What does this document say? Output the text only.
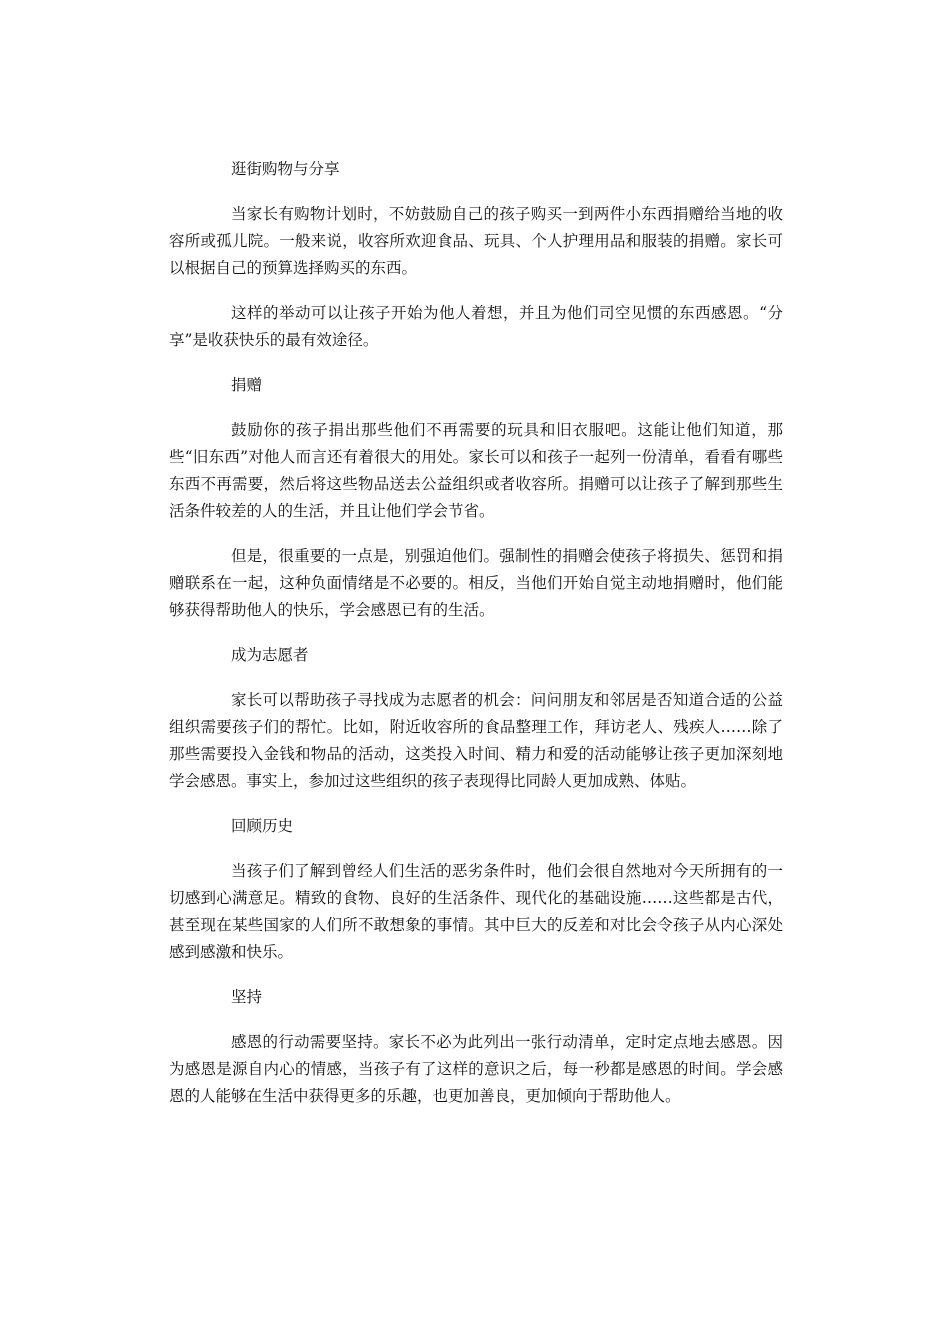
逛街购物与分享

当家长有购物计划时，不妨鼓励自己的孩子购买一到两件小东西捐赠给当地的收容所或孤儿院。一般来说，收容所欢迎食品、玩具、个人护理用品和服装的捐赠。家长可以根据自己的预算选择购买的东西。

这样的举动可以让孩子开始为他人着想，并且为他们司空见惯的东西感恩。“分享”是收获快乐的最有效途径。

捐赠

鼓励你的孩子捐出那些他们不再需要的玩具和旧衣服吧。这能让他们知道，那些“旧东西”对他人而言还有着很大的用处。家长可以和孩子一起列一份清单，看看有哪些东西不再需要，然后将这些物品送去公益组织或者收容所。捐赠可以让孩子了解到那些生活条件较差的人的生活，并且让他们学会节省。

但是，很重要的一点是，别强迫他们。强制性的捐赠会使孩子将损失、惩罚和捐赠联系在一起，这种负面情绪是不必要的。相反，当他们开始自觉主动地捐赠时，他们能够获得帮助他人的快乐，学会感恩已有的生活。

成为志愿者

家长可以帮助孩子寻找成为志愿者的机会：问问朋友和邻居是否知道合适的公益组织需要孩子们的帮忙。比如，附近收容所的食品整理工作，拜访老人、残疾人……除了那些需要投入金钱和物品的活动，这类投入时间、精力和爱的活动能够让孩子更加深刻地学会感恩。事实上，参加过这些组织的孩子表现得比同龄人更加成熟、体贴。

回顾历史

当孩子们了解到曾经人们生活的恶劣条件时，他们会很自然地对今天所拥有的一切感到心满意足。精致的食物、良好的生活条件、现代化的基础设施……这些都是古代，甚至现在某些国家的人们所不敢想象的事情。其中巨大的反差和对比会令孩子从内心深处感到感激和快乐。

坚持

感恩的行动需要坚持。家长不必为此列出一张行动清单，定时定点地去感恩。因为感恩是源自内心的情感，当孩子有了这样的意识之后，每一秒都是感恩的时间。学会感恩的人能够在生活中获得更多的乐趣，也更加善良，更加倾向于帮助他人。
